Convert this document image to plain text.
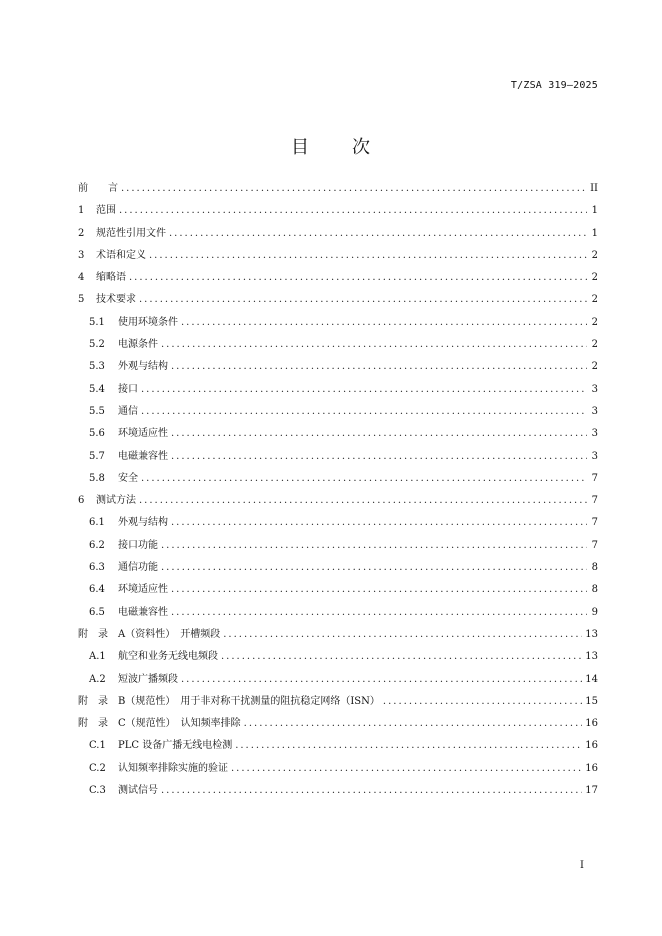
T/ZSA 319—2025
目 次
前　　言 .....	II
1	范围 .....	1
2	规范性引用文件 .....	1
3	术语和定义 .....	2
4	缩略语 .....	2
5	技术要求 .....	2
5.1	使用环境条件 .....	2
5.2	电源条件 .....	2
5.3	外观与结构 .....	2
5.4	接口 .....	3
5.5	通信 .....	3
5.6	环境适应性 .....	3
5.7	电磁兼容性 .....	3
5.8	安全 .....	7
6	测试方法 .....	7
6.1	外观与结构 .....	7
6.2	接口功能 .....	7
6.3	通信功能 .....	8
6.4	环境适应性 .....	8
6.5	电磁兼容性 .....	9
附　录　A （资料性）　开槽频段 .....	13
A.1	航空和业务无线电频段 .....	13
A.2	短波广播频段 .....	14
附　录　B （规范性）　用于非对称干扰测量的阻抗稳定网络（ISN） .....	15
附　录　C （规范性）　认知频率排除 .....	16
C.1	PLC 设备广播无线电检测 .....	16
C.2	认知频率排除实施的验证 .....	16
C.3	测试信号 .....	17
I
